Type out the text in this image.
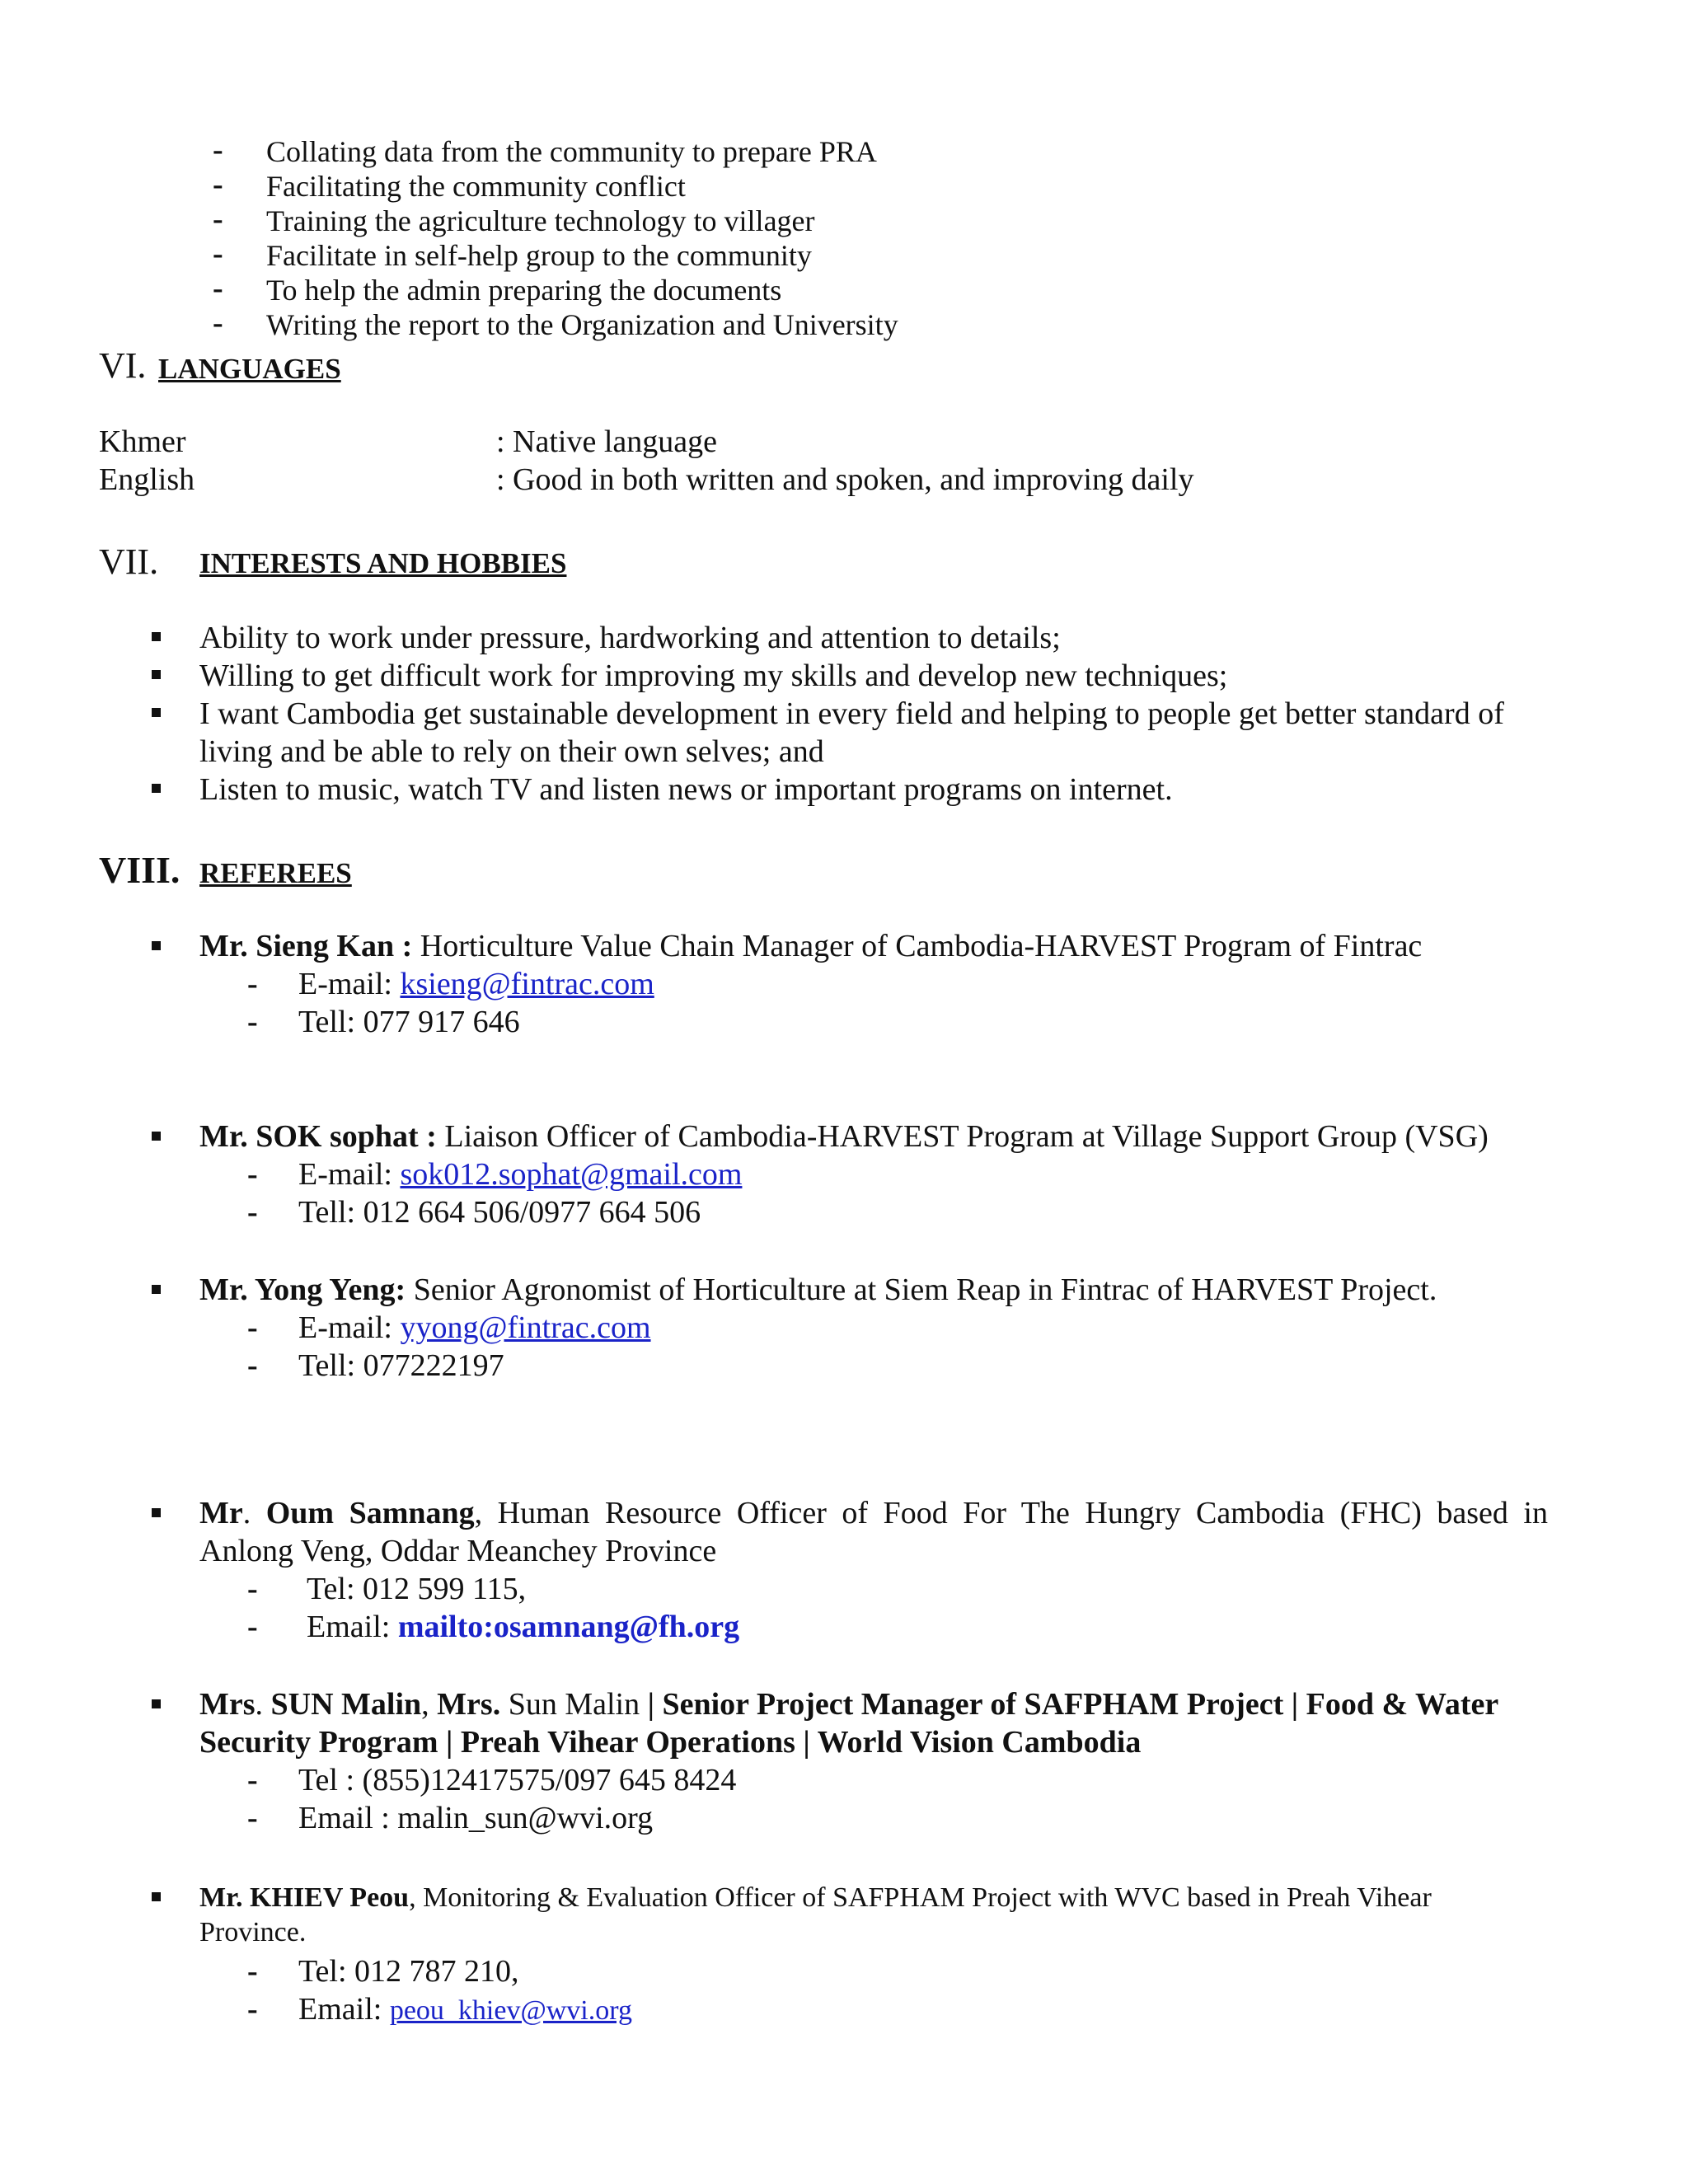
- Collating data from the community to prepare PRA
- Facilitating the community conflict
- Training the agriculture technology to villager
- Facilitate in self-help group to the community
- To help the admin preparing the documents
- Writing the report to the Organization and University
VI. LANGUAGES
Khmer	: Native language
English	: Good in both written and spoken, and improving daily
VII. INTERESTS AND HOBBIES
Ability to work under pressure, hardworking and attention to details;
Willing to get difficult work for improving my skills and develop new techniques;
I want Cambodia get sustainable development in every field and helping to people get better standard of
living and be able to rely on their own selves; and
Listen to music, watch TV and listen news or important programs on internet.
VIII. REFEREES
Mr. Sieng Kan : Horticulture Value Chain Manager of Cambodia-HARVEST Program of Fintrac
- E-mail: ksieng@fintrac.com
- Tell: 077 917 646
Mr. SOK sophat : Liaison Officer of Cambodia-HARVEST Program at Village Support Group (VSG)
- E-mail: sok012.sophat@gmail.com
- Tell: 012 664 506/0977 664 506
Mr. Yong Yeng: Senior Agronomist of Horticulture at Siem Reap in Fintrac of HARVEST Project.
- E-mail: yyong@fintrac.com
- Tell: 077222197
Mr. Oum Samnang, Human Resource Officer of Food For The Hungry Cambodia (FHC) based in
Anlong Veng, Oddar Meanchey Province
- Tel: 012 599 115,
- Email: mailto:osamnang@fh.org
Mrs. SUN Malin, Mrs. Sun Malin | Senior Project Manager of SAFPHAM Project | Food & Water
Security Program | Preah Vihear Operations | World Vision Cambodia
- Tel : (855)12417575/097 645 8424
- Email : malin_sun@wvi.org
Mr. KHIEV Peou, Monitoring & Evaluation Officer of SAFPHAM Project with WVC based in Preah Vihear
Province.
- Tel: 012 787 210,
- Email: peou_khiev@wvi.org
